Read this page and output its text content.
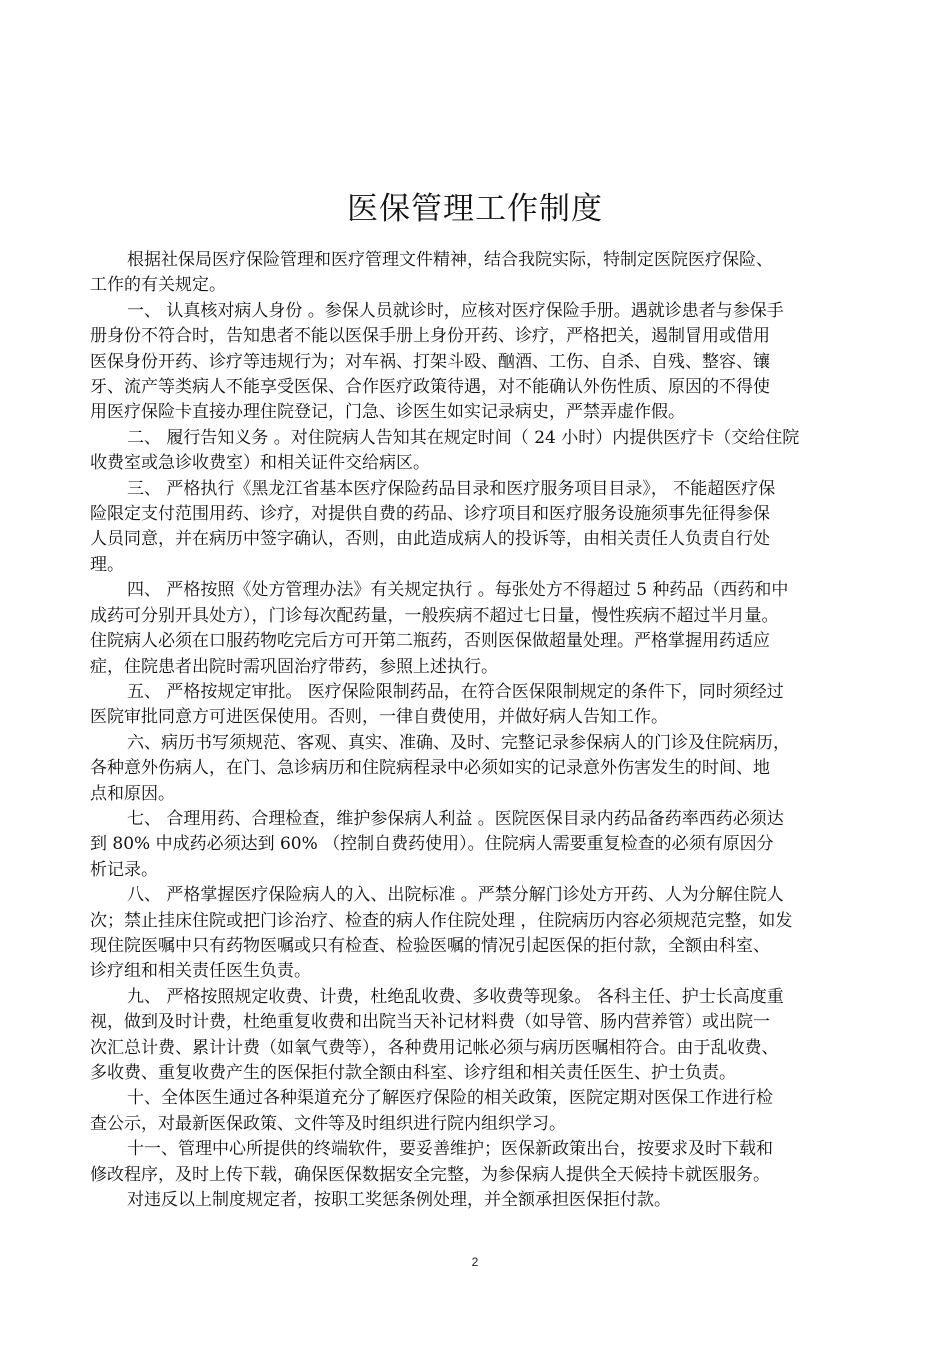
医保管理工作制度

根据社保局医疗保险管理和医疗管理文件精神，结合我院实际，特制定医院医疗保险、
工作的有关规定。

一、 认真核对病人身份 。参保人员就诊时，应核对医疗保险手册。遇就诊患者与参保手
册身份不符合时，告知患者不能以医保手册上身份开药、诊疗，严格把关，遏制冒用或借用
医保身份开药、诊疗等违规行为；对车祸、打架斗殴、酗酒、工伤、自杀、自残、整容、镶
牙、流产等类病人不能享受医保、合作医疗政策待遇，对不能确认外伤性质、原因的不得使
用医疗保险卡直接办理住院登记，门急、诊医生如实记录病史，严禁弄虚作假。

二、 履行告知义务 。对住院病人告知其在规定时间（ 24 小时）内提供医疗卡（交给住院
收费室或急诊收费室）和相关证件交给病区。

三、 严格执行《黑龙江省基本医疗保险药品目录和医疗服务项目目录》， 不能超医疗保
险限定支付范围用药、诊疗，对提供自费的药品、诊疗项目和医疗服务设施须事先征得参保
人员同意，并在病历中签字确认，否则，由此造成病人的投诉等，由相关责任人负责自行处
理。

四、 严格按照《处方管理办法》有关规定执行 。每张处方不得超过 5 种药品（西药和中
成药可分别开具处方），门诊每次配药量，一般疾病不超过七日量，慢性疾病不超过半月量。
住院病人必须在口服药物吃完后方可开第二瓶药，否则医保做超量处理。严格掌握用药适应
症，住院患者出院时需巩固治疗带药，参照上述执行。

五、 严格按规定审批。 医疗保险限制药品，在符合医保限制规定的条件下，同时须经过
医院审批同意方可进医保使用。否则，一律自费使用，并做好病人告知工作。

六、病历书写须规范、客观、真实、准确、及时、完整记录参保病人的门诊及住院病历，
各种意外伤病人，在门、急诊病历和住院病程录中必须如实的记录意外伤害发生的时间、地
点和原因。

七、 合理用药、合理检查，维护参保病人利益 。医院医保目录内药品备药率西药必须达
到 80% 中成药必须达到 60% （控制自费药使用）。住院病人需要重复检查的必须有原因分
析记录。

八、 严格掌握医疗保险病人的入、出院标准 。严禁分解门诊处方开药、人为分解住院人
次；禁止挂床住院或把门诊治疗、检查的病人作住院处理 ，住院病历内容必须规范完整，如发
现住院医嘱中只有药物医嘱或只有检查、检验医嘱的情况引起医保的拒付款，全额由科室、
诊疗组和相关责任医生负责。

九、 严格按照规定收费、计费，杜绝乱收费、多收费等现象。 各科主任、护士长高度重
视，做到及时计费，杜绝重复收费和出院当天补记材料费（如导管、肠内营养管）或出院一
次汇总计费、累计计费（如氧气费等），各种费用记帐必须与病历医嘱相符合。由于乱收费、
多收费、重复收费产生的医保拒付款全额由科室、诊疗组和相关责任医生、护士负责。

十、全体医生通过各种渠道充分了解医疗保险的相关政策，医院定期对医保工作进行检
查公示，对最新医保政策、文件等及时组织进行院内组织学习。

十一、管理中心所提供的终端软件，要妥善维护；医保新政策出台，按要求及时下载和
修改程序，及时上传下载，确保医保数据安全完整，为参保病人提供全天候持卡就医服务。

对违反以上制度规定者，按职工奖惩条例处理，并全额承担医保拒付款。

2
